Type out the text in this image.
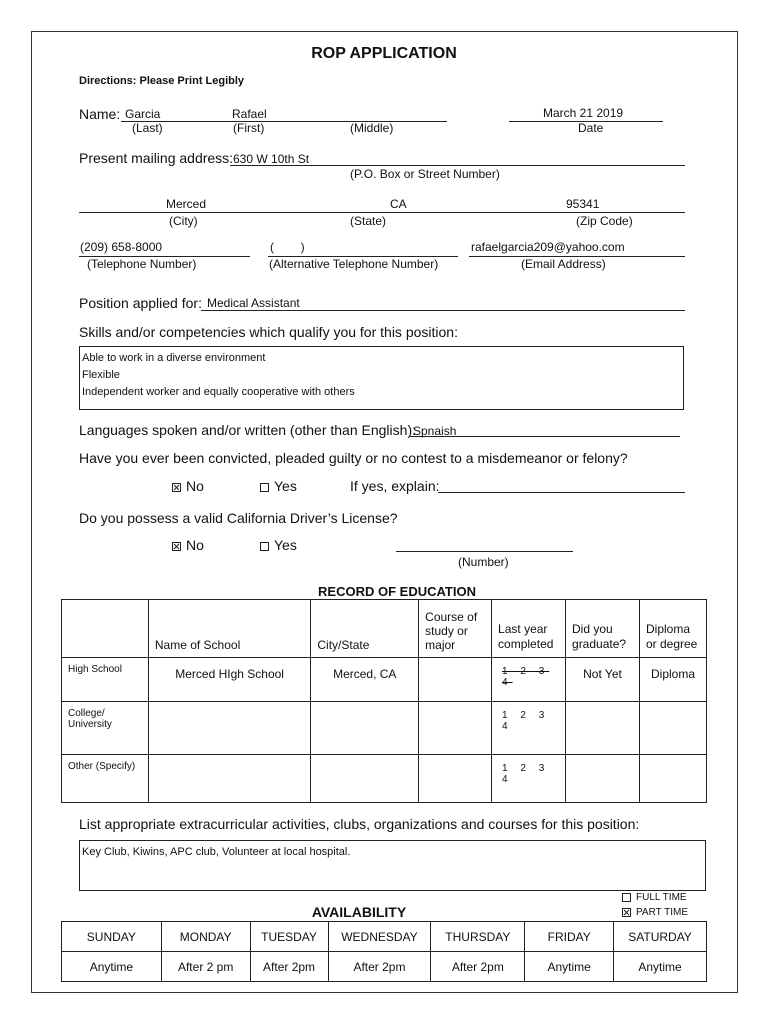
ROP APPLICATION
Directions: Please Print Legibly
Name: Garcia	Rafael
(Last)	(First)	(Middle)
March 21 2019
Date
Present mailing address: 630 W 10th St
(P.O. Box or Street Number)
Merced	CA	95341
(City)	(State)	(Zip Code)
(209) 658-8000
(Telephone Number)
(        )
(Alternative Telephone Number)
rafaelgarcia209@yahoo.com
(Email Address)
Position applied for: Medical Assistant
Skills and/or competencies which qualify you for this position:
Able to work in a diverse environment
Flexible
Independent worker and equally cooperative with others
Languages spoken and/or written (other than English):
Spnaish
Have you ever been convicted, pleaded guilty or no contest to a misdemeanor or felony?
No	Yes	If yes, explain:
Do you possess a valid California Driver’s License?
No	Yes
(Number)
RECORD OF EDUCATION
	Name of School	City/State	Course of study or major	Last year completed	Did you graduate?	Diploma or degree
High School	Merced HIgh School	Merced, CA		1 2 3 4	Not Yet	Diploma
College/ University				1 2 3 4		
Other (Specify)				1 2 3 4		
List appropriate extracurricular activities, clubs, organizations and courses for this position:
Key Club, Kiwins, APC club, Volunteer at local hospital.
AVAILABILITY
FULL TIME
PART TIME
SUNDAY	MONDAY	TUESDAY	WEDNESDAY	THURSDAY	FRIDAY	SATURDAY
Anytime	After 2 pm	After 2pm	After 2pm	After 2pm	Anytime	Anytime
